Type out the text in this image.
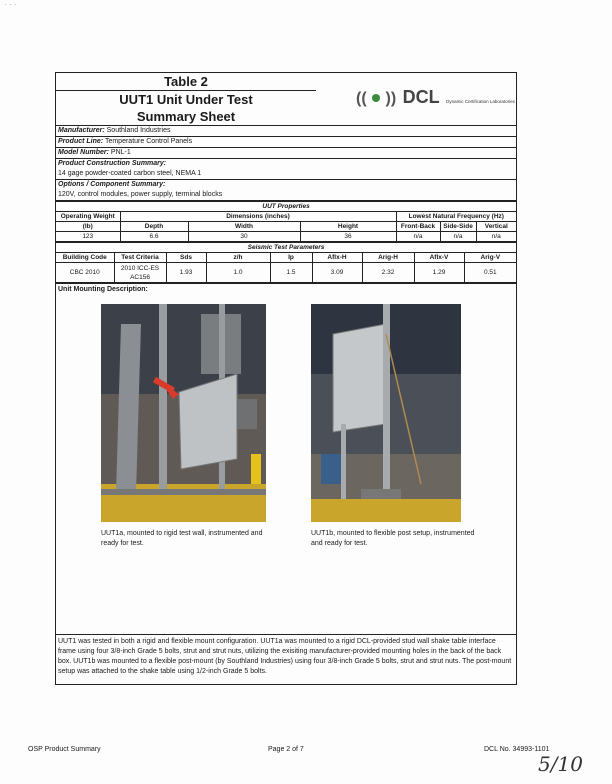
· · ·
Table 2
UUT1 Unit Under Test
Summary Sheet
((  )) DCL Dynamic Certification Laboratories
Manufacturer: Southland Industries
Product Line: Temperature Control Panels
Model Number: PNL-1
Product Construction Summary:
14 gage powder-coated carbon steel, NEMA 1
Options / Component Summary:
120V, control modules, power supply, terminal blocks
UUT Properties						
Operating Weight	Dimensions (inches)			Lowest Natural Frequency (Hz)		
(lb)	Depth	Width	Height	Front-Back	Side-Side	Vertical
123	6.6	30	36	n/a	n/a	n/a
Seismic Test Parameters								
Building Code	Test Criteria	Sds	z/h	Ip	Aflx-H	Arig-H	Aflx-V	Arig-V
CBC 2010	2010 ICC-ES AC156	1.93	1.0	1.5	3.09	2.32	1.29	0.51
Unit Mounting Description:
UUT1a, mounted to rigid test wall, instrumented and ready for test.
UUT1b, mounted to flexible post setup, instrumented and ready for test.
UUT1 was tested in both a rigid and flexible mount configuration. UUT1a was mounted to a rigid DCL-provided stud wall shake table interface frame using four 3/8-inch Grade 5 bolts, strut and strut nuts, utilizing the exisiting manufacturer-provided mounting holes in the back of the back box. UUT1b was mounted to a flexible post-mount (by Southland Industries) using four 3/8-inch Grade 5 bolts, strut and strut nuts. The post-mount setup was attached to the shake table using 1/2-inch Grade 5 bolts.
OSP Product Summary	Page 2 of 7	DCL No. 34993-1101
5/10
